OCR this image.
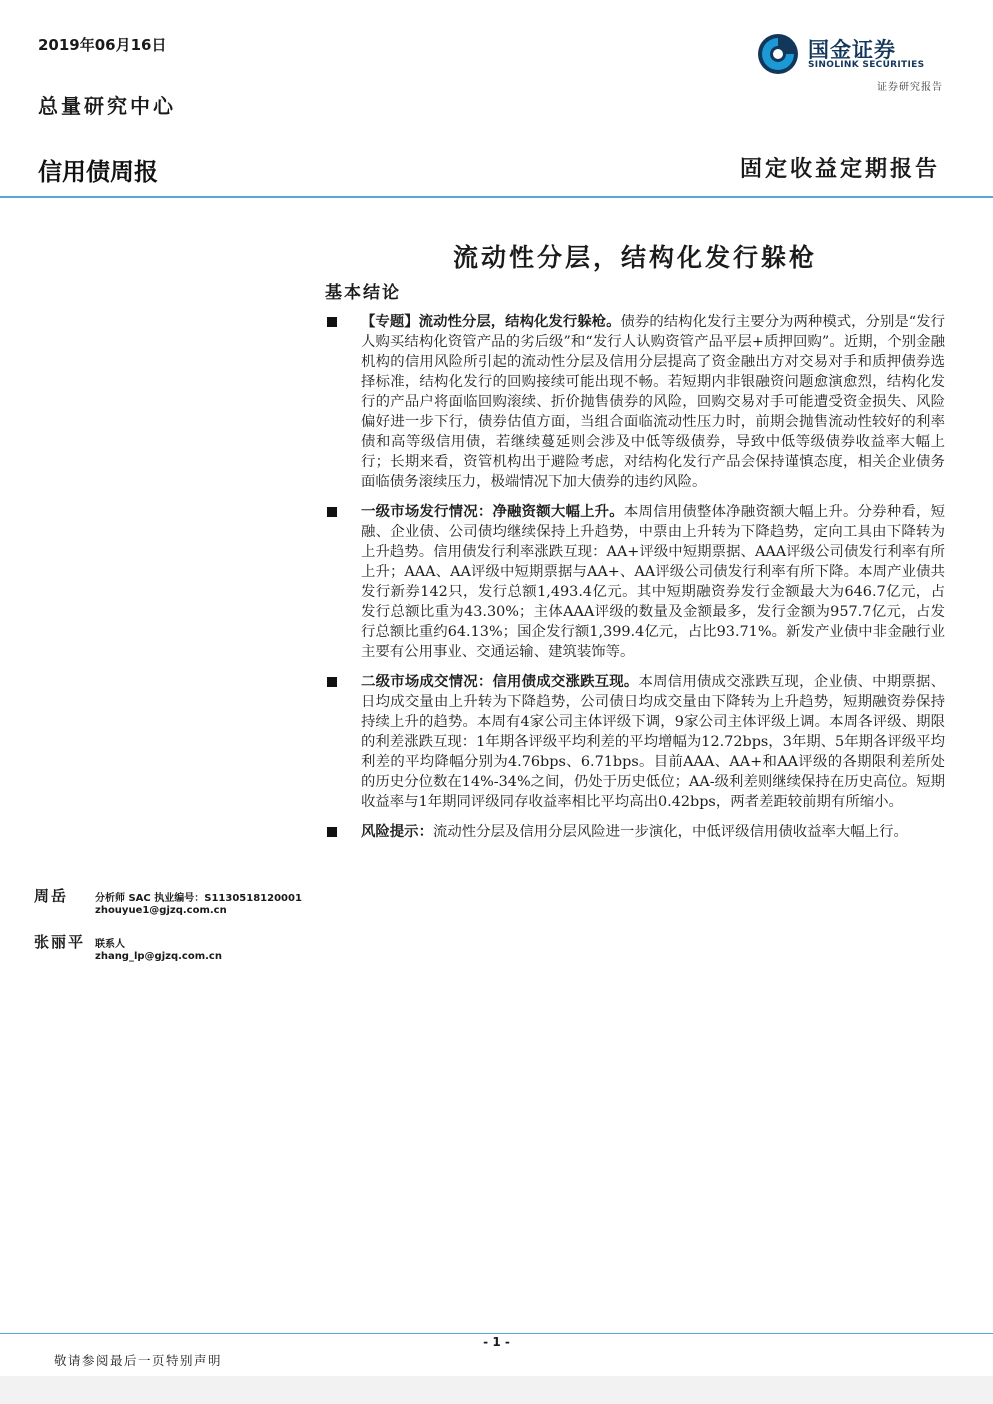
2019年06月16日
总量研究中心
国金证券
SINOLINK SECURITIES
证券研究报告
信用债周报	固定收益定期报告
流动性分层，结构化发行躲枪
基本结论
【专题】流动性分层，结构化发行躲枪。债券的结构化发行主要分为两种模式，分别是“发行人购买结构化资管产品的劣后级”和“发行人认购资管产品平层+质押回购”。近期，个别金融机构的信用风险所引起的流动性分层及信用分层提高了资金融出方对交易对手和质押债券选择标准，结构化发行的回购接续可能出现不畅。若短期内非银融资问题愈演愈烈，结构化发行的产品户将面临回购滚续、折价抛售债券的风险，回购交易对手可能遭受资金损失、风险偏好进一步下行，债券估值方面，当组合面临流动性压力时，前期会抛售流动性较好的利率债和高等级信用债，若继续蔓延则会涉及中低等级债券，导致中低等级债券收益率大幅上行；长期来看，资管机构出于避险考虑，对结构化发行产品会保持谨慎态度，相关企业债务面临债务滚续压力，极端情况下加大债券的违约风险。
一级市场发行情况：净融资额大幅上升。本周信用债整体净融资额大幅上升。分券种看，短融、企业债、公司债均继续保持上升趋势，中票由上升转为下降趋势，定向工具由下降转为上升趋势。信用债发行利率涨跌互现：AA+评级中短期票据、AAA评级公司债发行利率有所上升；AAA、AA评级中短期票据与AA+、AA评级公司债发行利率有所下降。本周产业债共发行新券142只，发行总额1,493.4亿元。其中短期融资券发行金额最大为646.7亿元，占发行总额比重为43.30%；主体AAA评级的数量及金额最多，发行金额为957.7亿元，占发行总额比重约64.13%；国企发行额1,399.4亿元，占比93.71%。新发产业债中非金融行业主要有公用事业、交通运输、建筑装饰等。
二级市场成交情况：信用债成交涨跌互现。本周信用债成交涨跌互现，企业债、中期票据、日均成交量由上升转为下降趋势，公司债日均成交量由下降转为上升趋势，短期融资券保持持续上升的趋势。本周有4家公司主体评级下调，9家公司主体评级上调。本周各评级、期限的利差涨跌互现：1年期各评级平均利差的平均增幅为12.72bps，3年期、5年期各评级平均利差的平均降幅分别为4.76bps、6.71bps。目前AAA、AA+和AA评级的各期限利差所处的历史分位数在14%-34%之间，仍处于历史低位；AA-级利差则继续保持在历史高位。短期收益率与1年期同评级同存收益率相比平均高出0.42bps，两者差距较前期有所缩小。
风险提示：流动性分层及信用分层风险进一步演化，中低评级信用债收益率大幅上行。
周岳	分析师 SAC 执业编号：S1130518120001
zhouyue1@gjzq.com.cn
张丽平 联系人
zhang_lp@gjzq.com.cn
- 1 -
敬请参阅最后一页特别声明
